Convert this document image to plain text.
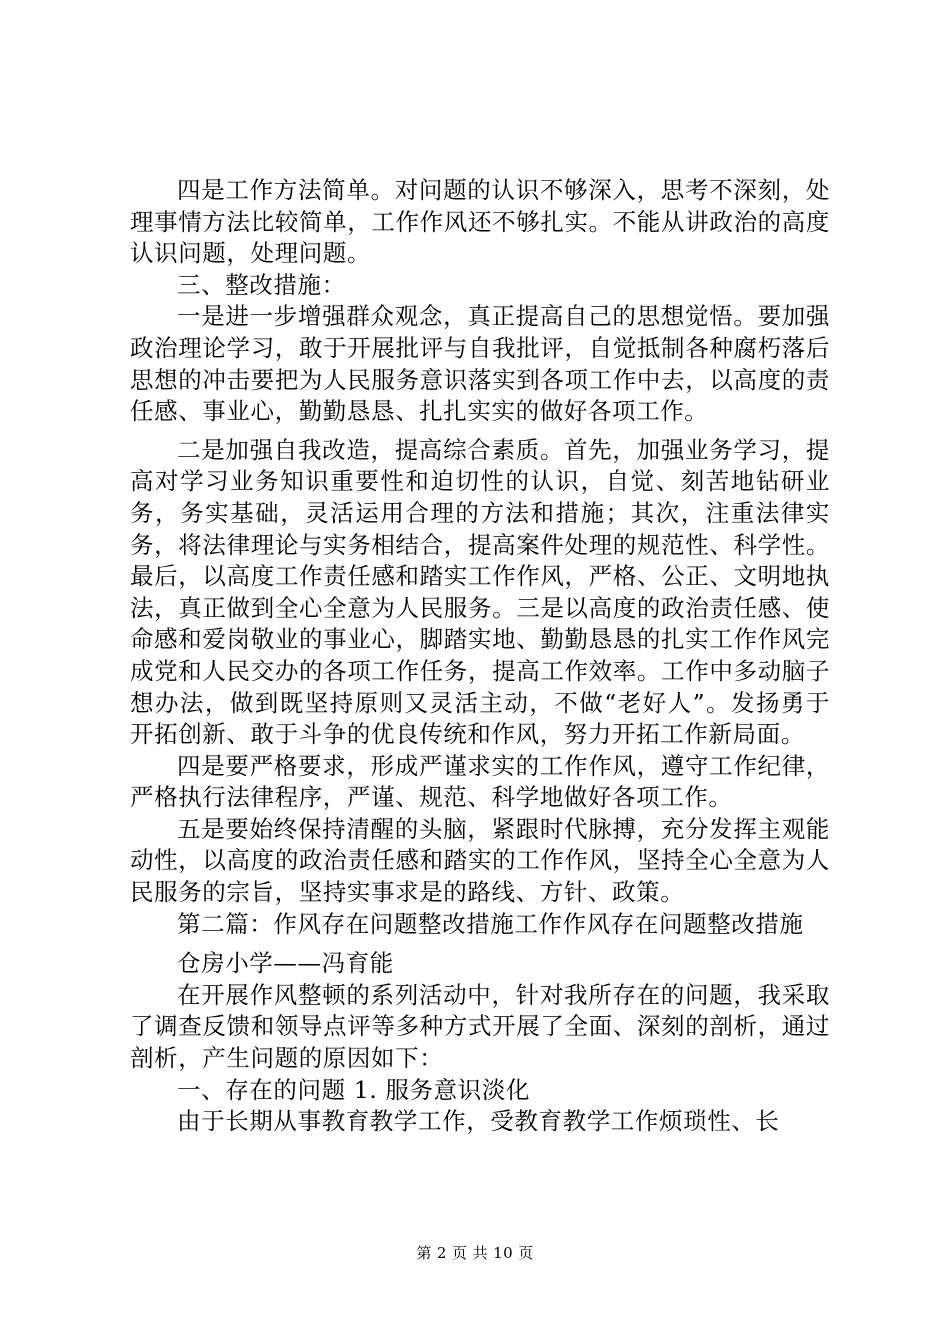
四是工作方法简单。对问题的认识不够深入，思考不深刻，处理事情方法比较简单，工作作风还不够扎实。不能从讲政治的高度认识问题，处理问题。

三、整改措施：

一是进一步增强群众观念，真正提高自己的思想觉悟。要加强政治理论学习，敢于开展批评与自我批评，自觉抵制各种腐朽落后思想的冲击要把为人民服务意识落实到各项工作中去，以高度的责任感、事业心，勤勤恳恳、扎扎实实的做好各项工作。

二是加强自我改造，提高综合素质。首先，加强业务学习，提高对学习业务知识重要性和迫切性的认识，自觉、刻苦地钻研业务，务实基础，灵活运用合理的方法和措施；其次，注重法律实务，将法律理论与实务相结合，提高案件处理的规范性、科学性。最后，以高度工作责任感和踏实工作作风，严格、公正、文明地执法，真正做到全心全意为人民服务。三是以高度的政治责任感、使命感和爱岗敬业的事业心，脚踏实地、勤勤恳恳的扎实工作作风完成党和人民交办的各项工作任务，提高工作效率。工作中多动脑子想办法，做到既坚持原则又灵活主动，不做“老好人”。发扬勇于开拓创新、敢于斗争的优良传统和作风，努力开拓工作新局面。

四是要严格要求，形成严谨求实的工作作风，遵守工作纪律，严格执行法律程序，严谨、规范、科学地做好各项工作。

五是要始终保持清醒的头脑，紧跟时代脉搏，充分发挥主观能动性，以高度的政治责任感和踏实的工作作风，坚持全心全意为人民服务的宗旨，坚持实事求是的路线、方针、政策。

第二篇：作风存在问题整改措施工作作风存在问题整改措施

仓房小学——冯育能

在开展作风整顿的系列活动中，针对我所存在的问题，我采取了调查反馈和领导点评等多种方式开展了全面、深刻的剖析，通过剖析，产生问题的原因如下：

一、存在的问题 1. 服务意识淡化

由于长期从事教育教学工作，受教育教学工作烦琐性、长

第 2 页 共 10 页
